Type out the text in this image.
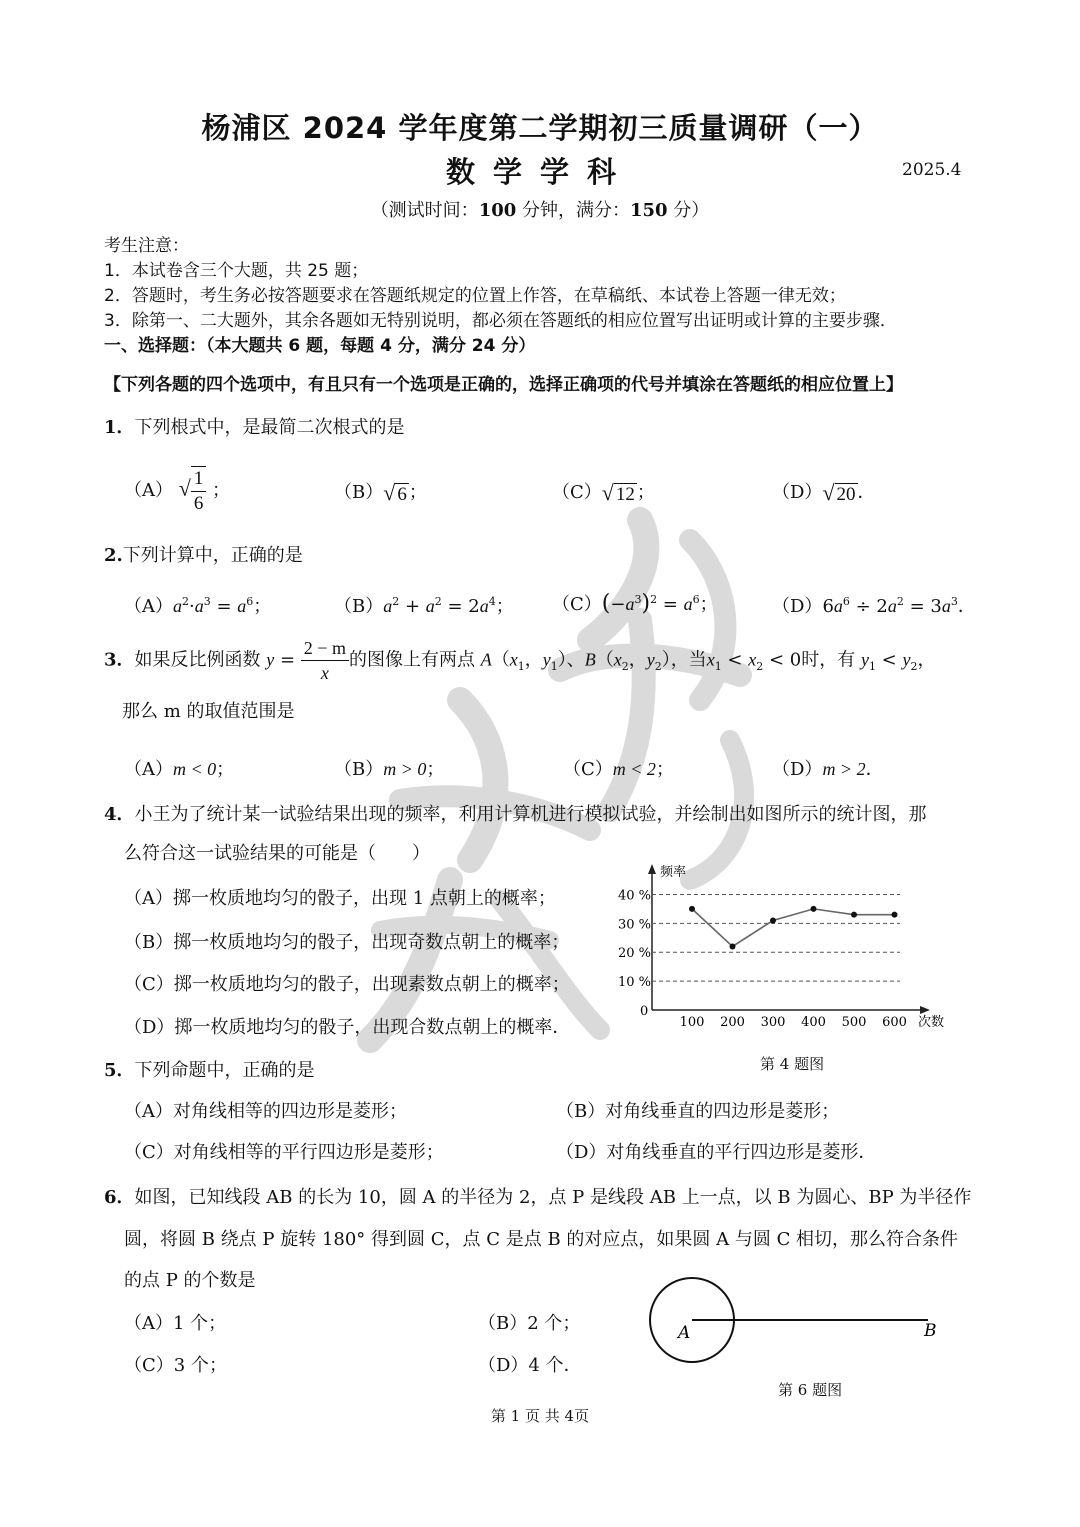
杨浦区 2024 学年度第二学期初三质量调研（一）
数学学科	2025.4
（测试时间：100 分钟，满分：150 分）
考生注意：
1．本试卷含三个大题，共 25 题；
2．答题时，考生务必按答题要求在答题纸规定的位置上作答，在草稿纸、本试卷上答题一律无效；
3．除第一、二大题外，其余各题如无特别说明，都必须在答题纸的相应位置写出证明或计算的主要步骤．
一、选择题：（本大题共 6 题，每题 4 分，满分 24 分）
【下列各题的四个选项中，有且只有一个选项是正确的，选择正确项的代号并填涂在答题纸的相应位置上】
1．下列根式中，是最简二次根式的是
（A） √ $\frac{1}{6}$ ；	（B）√ 6 ；	（C）√ 12 ；	（D）√ 20 ．
2.下列计算中，正确的是
$(A)a^2\cdot a^3 = a^6$；	$(B)a^2 + a^2 = 2a^4$； $(C)(-a^3)^2 = a^6$；	$(D)6a^6 \div 2a^2 = 3a^3$．
3．如果反比例函数 $y = \frac{2 - m}{x}$ 的图像上有两点 $A(x_1$，$y_1$）、$B(x_2$，$y_2$），当$x_1 < x_2 < 0$时，有 $y_1 < y_2$，
那么 m 的取值范围是
（A）m < 0；	（B）m > 0；	（C）m < 2；	（D）m > 2．
4．小王为了统计某一试验结果出现的频率，利用计算机进行模拟试验，并绘制出如图所示的统计图，那
么符合这一试验结果的可能是（　　）
（A）掷一枚质地均匀的骰子，出现 1 点朝上的概率；
（B）掷一枚质地均匀的骰子，出现奇数点朝上的概率；
（C）掷一枚质地均匀的骰子，出现素数点朝上的概率；
（D）掷一枚质地均匀的骰子，出现合数点朝上的概率．
频率
次数
0
10 %
20 %
30 %
40 %
100 200 300 400 500 600
第 4 题图
5．下列命题中，正确的是
（A）对角线相等的四边形是菱形；	（B）对角线垂直的四边形是菱形；
（C）对角线相等的平行四边形是菱形；	（D）对角线垂直的平行四边形是菱形．
6．如图，已知线段 AB 的长为 10，圆 A 的半径为 2，点 P 是线段 AB 上一点，以 B 为圆心、BP 为半径作
圆，将圆 B 绕点 P 旋转 180° 得到圆 C，点 C 是点 B 的对应点，如果圆 A 与圆 C 相切，那么符合条件
的点 P 的个数是
（A）1 个；	（B）2 个；
（C）3 个；	（D）4 个．
A	B
第 6 题图
第 1 页 共 4页
